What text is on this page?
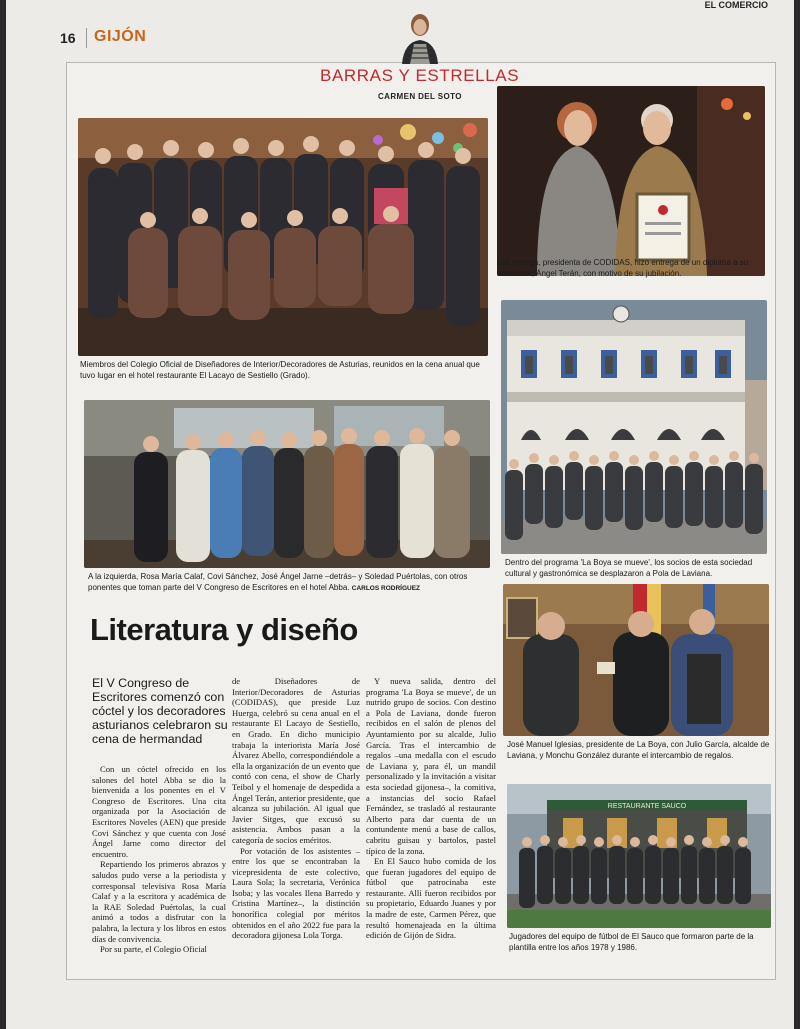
EL COMERCIO
16 GIJÓN
BARRAS Y ESTRELLAS
CARMEN DEL SOTO
Miembros del Colegio Oficial de Diseñadores de Interior/Decoradores de Asturias, reunidos en la cena anual que tuvo lugar en el hotel restaurante El Lacayo de Sestiello (Grado).
Luz Huerga, presidenta de CODIDAS, hizo entrega de un diploma a su antecesor, Ángel Terán, con motivo de su jubilación.
A la izquierda, Rosa María Calaf, Covi Sánchez, José Ángel Jarne –detrás– y Soledad Puértolas, con otros ponentes que toman parte del V Congreso de Escritores en el hotel Abba. CARLOS RODRÍGUEZ
Dentro del programa 'La Boya se mueve', los socios de esta sociedad cultural y gastronómica se desplazaron a Pola de Laviana.
José Manuel Iglesias, presidente de La Boya, con Julio García, alcalde de Laviana, y Monchu González durante el intercambio de regalos.
RESTAURANTE SAUCO
Jugadores del equipo de fútbol de El Sauco que formaron parte de la plantilla entre los años 1978 y 1986.
Literatura y diseño

El V Congreso de Escritores comenzó con cóctel y los decoradores asturianos celebraron su cena de hermandad

Con un cóctel ofrecido en los salones del hotel Abba se dio la bienvenida a los ponentes en el V Congreso de Escritores. Una cita organizada por la Asociación de Escritores Noveles (AEN) que preside Covi Sánchez y que cuenta con José Ángel Jarne como director del encuentro.

Repartiendo los primeros abrazos y saludos pudo verse a la periodista y corresponsal televisiva Rosa María Calaf y a la escritora y académica de la RAE Soledad Puértolas, la cual animó a todos a disfrutar con la palabra, la lectura y los libros en estos días de convivencia.

Por su parte, el Colegio Oficial

de Diseñadores de Interior/Decoradores de Asturias (CODIDAS), que preside Luz Huerga, celebró su cena anual en el restaurante El Lacayo de Sestiello, en Grado. En dicho municipio trabaja la interiorista María José Álvarez Abello, correspondiéndole a ella la organización de un evento que contó con cena, el show de Charly Teibol y el homenaje de despedida a Ángel Terán, anterior presidente, que alcanza su jubilación. Al igual que Javier Sitges, que excusó su asistencia. Ambos pasan a la categoría de socios eméritos.

Por votación de los asistentes –entre los que se encontraban la vicepresidenta de este colectivo, Laura Sola; la secretaria, Verónica Isoba; y las vocales Ilena Barredo y Cristina Martínez–, la distinción honorífica colegial por méritos obtenidos en el año 2022 fue para la decoradora gijonesa Lola Torga.

Y nueva salida, dentro del programa 'La Boya se mueve', de un nutrido grupo de socios. Con destino a Pola de Laviana, donde fueron recibidos en el salón de plenos del Ayuntamiento por su alcalde, Julio García. Tras el intercambio de regalos –una medalla con el escudo de Laviana y, para él, un mandil personalizado y la invitación a visitar esta sociedad gijonesa–, la comitiva, a instancias del socio Rafael Fernández, se trasladó al restaurante Alberto para dar cuenta de un contundente menú a base de callos, cabritu guisau y bartolos, pastel típico de la zona.

En El Sauco hubo comida de los que fueran jugadores del equipo de fútbol que patrocinaba este restaurante. Allí fueron recibidos por su propietario, Eduardo Juanes y por la madre de este, Carmen Pérez, que resultó homenajeada en la última edición de Gijón de Sidra.
